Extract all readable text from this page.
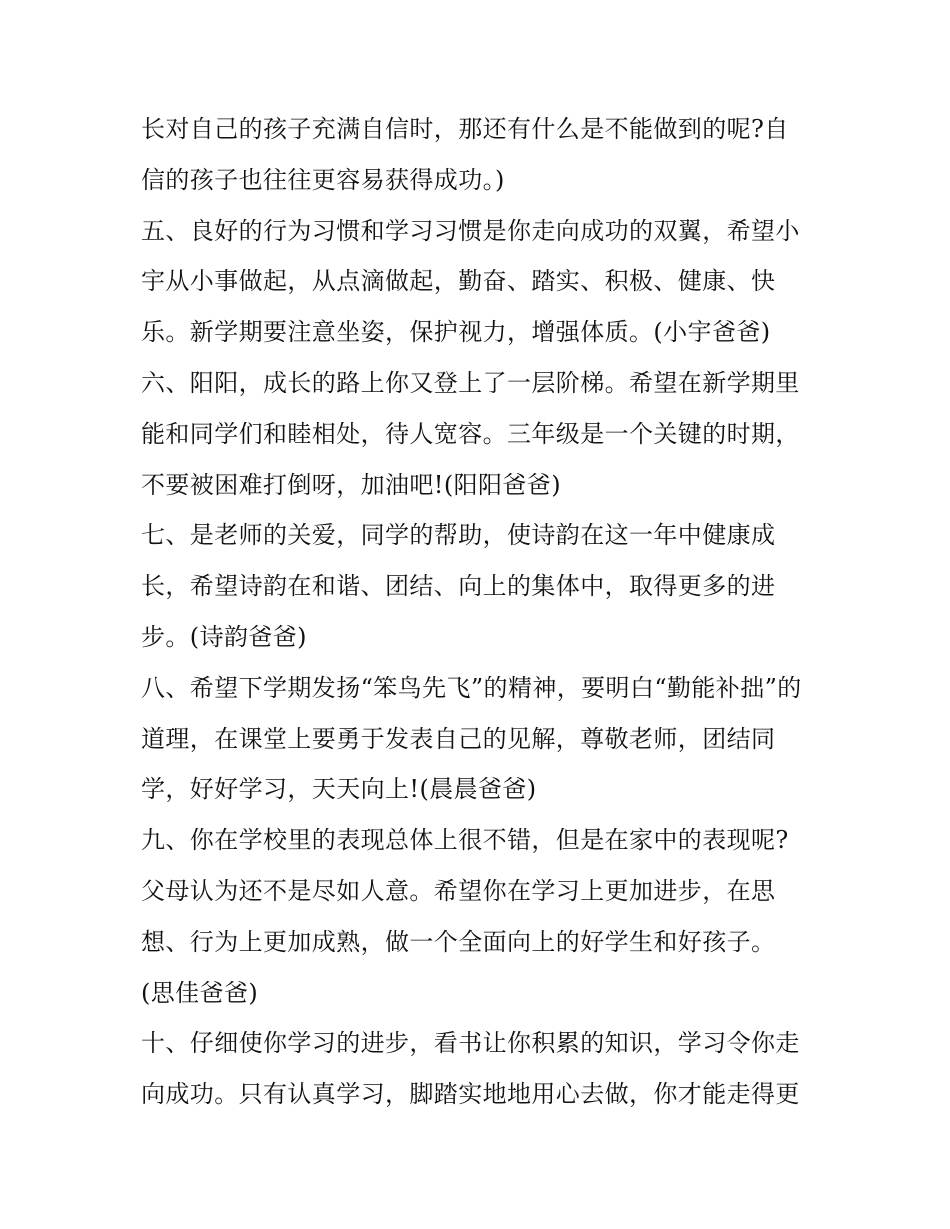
长对自己的孩子充满自信时，那还有什么是不能做到的呢?自

信的孩子也往往更容易获得成功。)

五、良好的行为习惯和学习习惯是你走向成功的双翼，希望小

宇从小事做起，从点滴做起，勤奋、踏实、积极、健康、快

乐。新学期要注意坐姿，保护视力，增强体质。(小宇爸爸)

六、阳阳，成长的路上你又登上了一层阶梯。希望在新学期里

能和同学们和睦相处，待人宽容。三年级是一个关键的时期，

不要被困难打倒呀，加油吧!(阳阳爸爸)

七、是老师的关爱，同学的帮助，使诗韵在这一年中健康成

长，希望诗韵在和谐、团结、向上的集体中，取得更多的进

步。(诗韵爸爸)

八、希望下学期发扬“笨鸟先飞”的精神，要明白“勤能补拙”的

道理，在课堂上要勇于发表自己的见解，尊敬老师，团结同

学，好好学习，天天向上!(晨晨爸爸)

九、你在学校里的表现总体上很不错，但是在家中的表现呢?

父母认为还不是尽如人意。希望你在学习上更加进步，在思

想、行为上更加成熟，做一个全面向上的好学生和好孩子。

(思佳爸爸)

十、仔细使你学习的进步，看书让你积累的知识，学习令你走

向成功。只有认真学习，脚踏实地地用心去做，你才能走得更
